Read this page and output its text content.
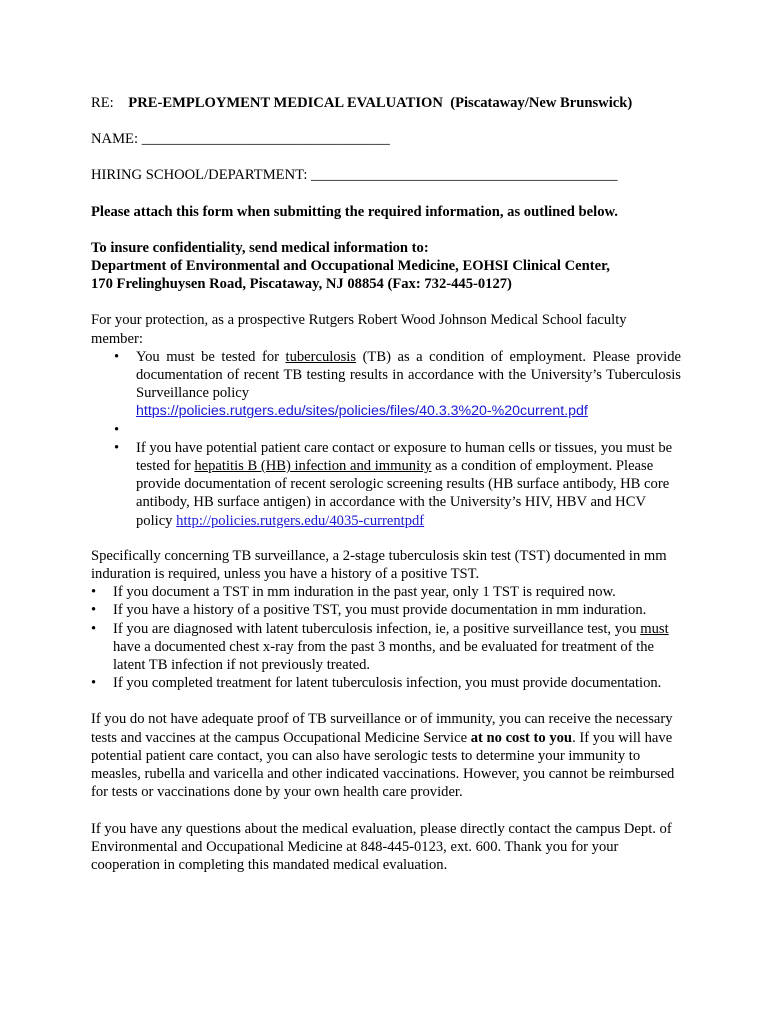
RE: PRE-EMPLOYMENT MEDICAL EVALUATION (Piscataway/New Brunswick)

NAME: __________________________________

HIRING SCHOOL/DEPARTMENT: __________________________________________

Please attach this form when submitting the required information, as outlined below.

To insure confidentiality, send medical information to:
Department of Environmental and Occupational Medicine, EOHSI Clinical Center,
170 Frelinghuysen Road, Piscataway, NJ 08854 (Fax: 732-445-0127)

For your protection, as a prospective Rutgers Robert Wood Johnson Medical School faculty member:

• You must be tested for tuberculosis (TB) as a condition of employment. Please provide documentation of recent TB testing results in accordance with the University’s Tuberculosis Surveillance policy
https://policies.rutgers.edu/sites/policies/files/40.3.3%20-%20current.pdf
•

• If you have potential patient care contact or exposure to human cells or tissues, you must be tested for hepatitis B (HB) infection and immunity as a condition of employment. Please provide documentation of recent serologic screening results (HB surface antibody, HB core antibody, HB surface antigen) in accordance with the University’s HIV, HBV and HCV policy http://policies.rutgers.edu/4035-currentpdf

Specifically concerning TB surveillance, a 2-stage tuberculosis skin test (TST) documented in mm induration is required, unless you have a history of a positive TST.

• If you document a TST in mm induration in the past year, only 1 TST is required now.
• If you have a history of a positive TST, you must provide documentation in mm induration.
• If you are diagnosed with latent tuberculosis infection, ie, a positive surveillance test, you must have a documented chest x-ray from the past 3 months, and be evaluated for treatment of the latent TB infection if not previously treated.
• If you completed treatment for latent tuberculosis infection, you must provide documentation.

If you do not have adequate proof of TB surveillance or of immunity, you can receive the necessary tests and vaccines at the campus Occupational Medicine Service at no cost to you. If you will have potential patient care contact, you can also have serologic tests to determine your immunity to measles, rubella and varicella and other indicated vaccinations. However, you cannot be reimbursed for tests or vaccinations done by your own health care provider.

If you have any questions about the medical evaluation, please directly contact the campus Dept. of Environmental and Occupational Medicine at 848-445-0123, ext. 600. Thank you for your cooperation in completing this mandated medical evaluation.
